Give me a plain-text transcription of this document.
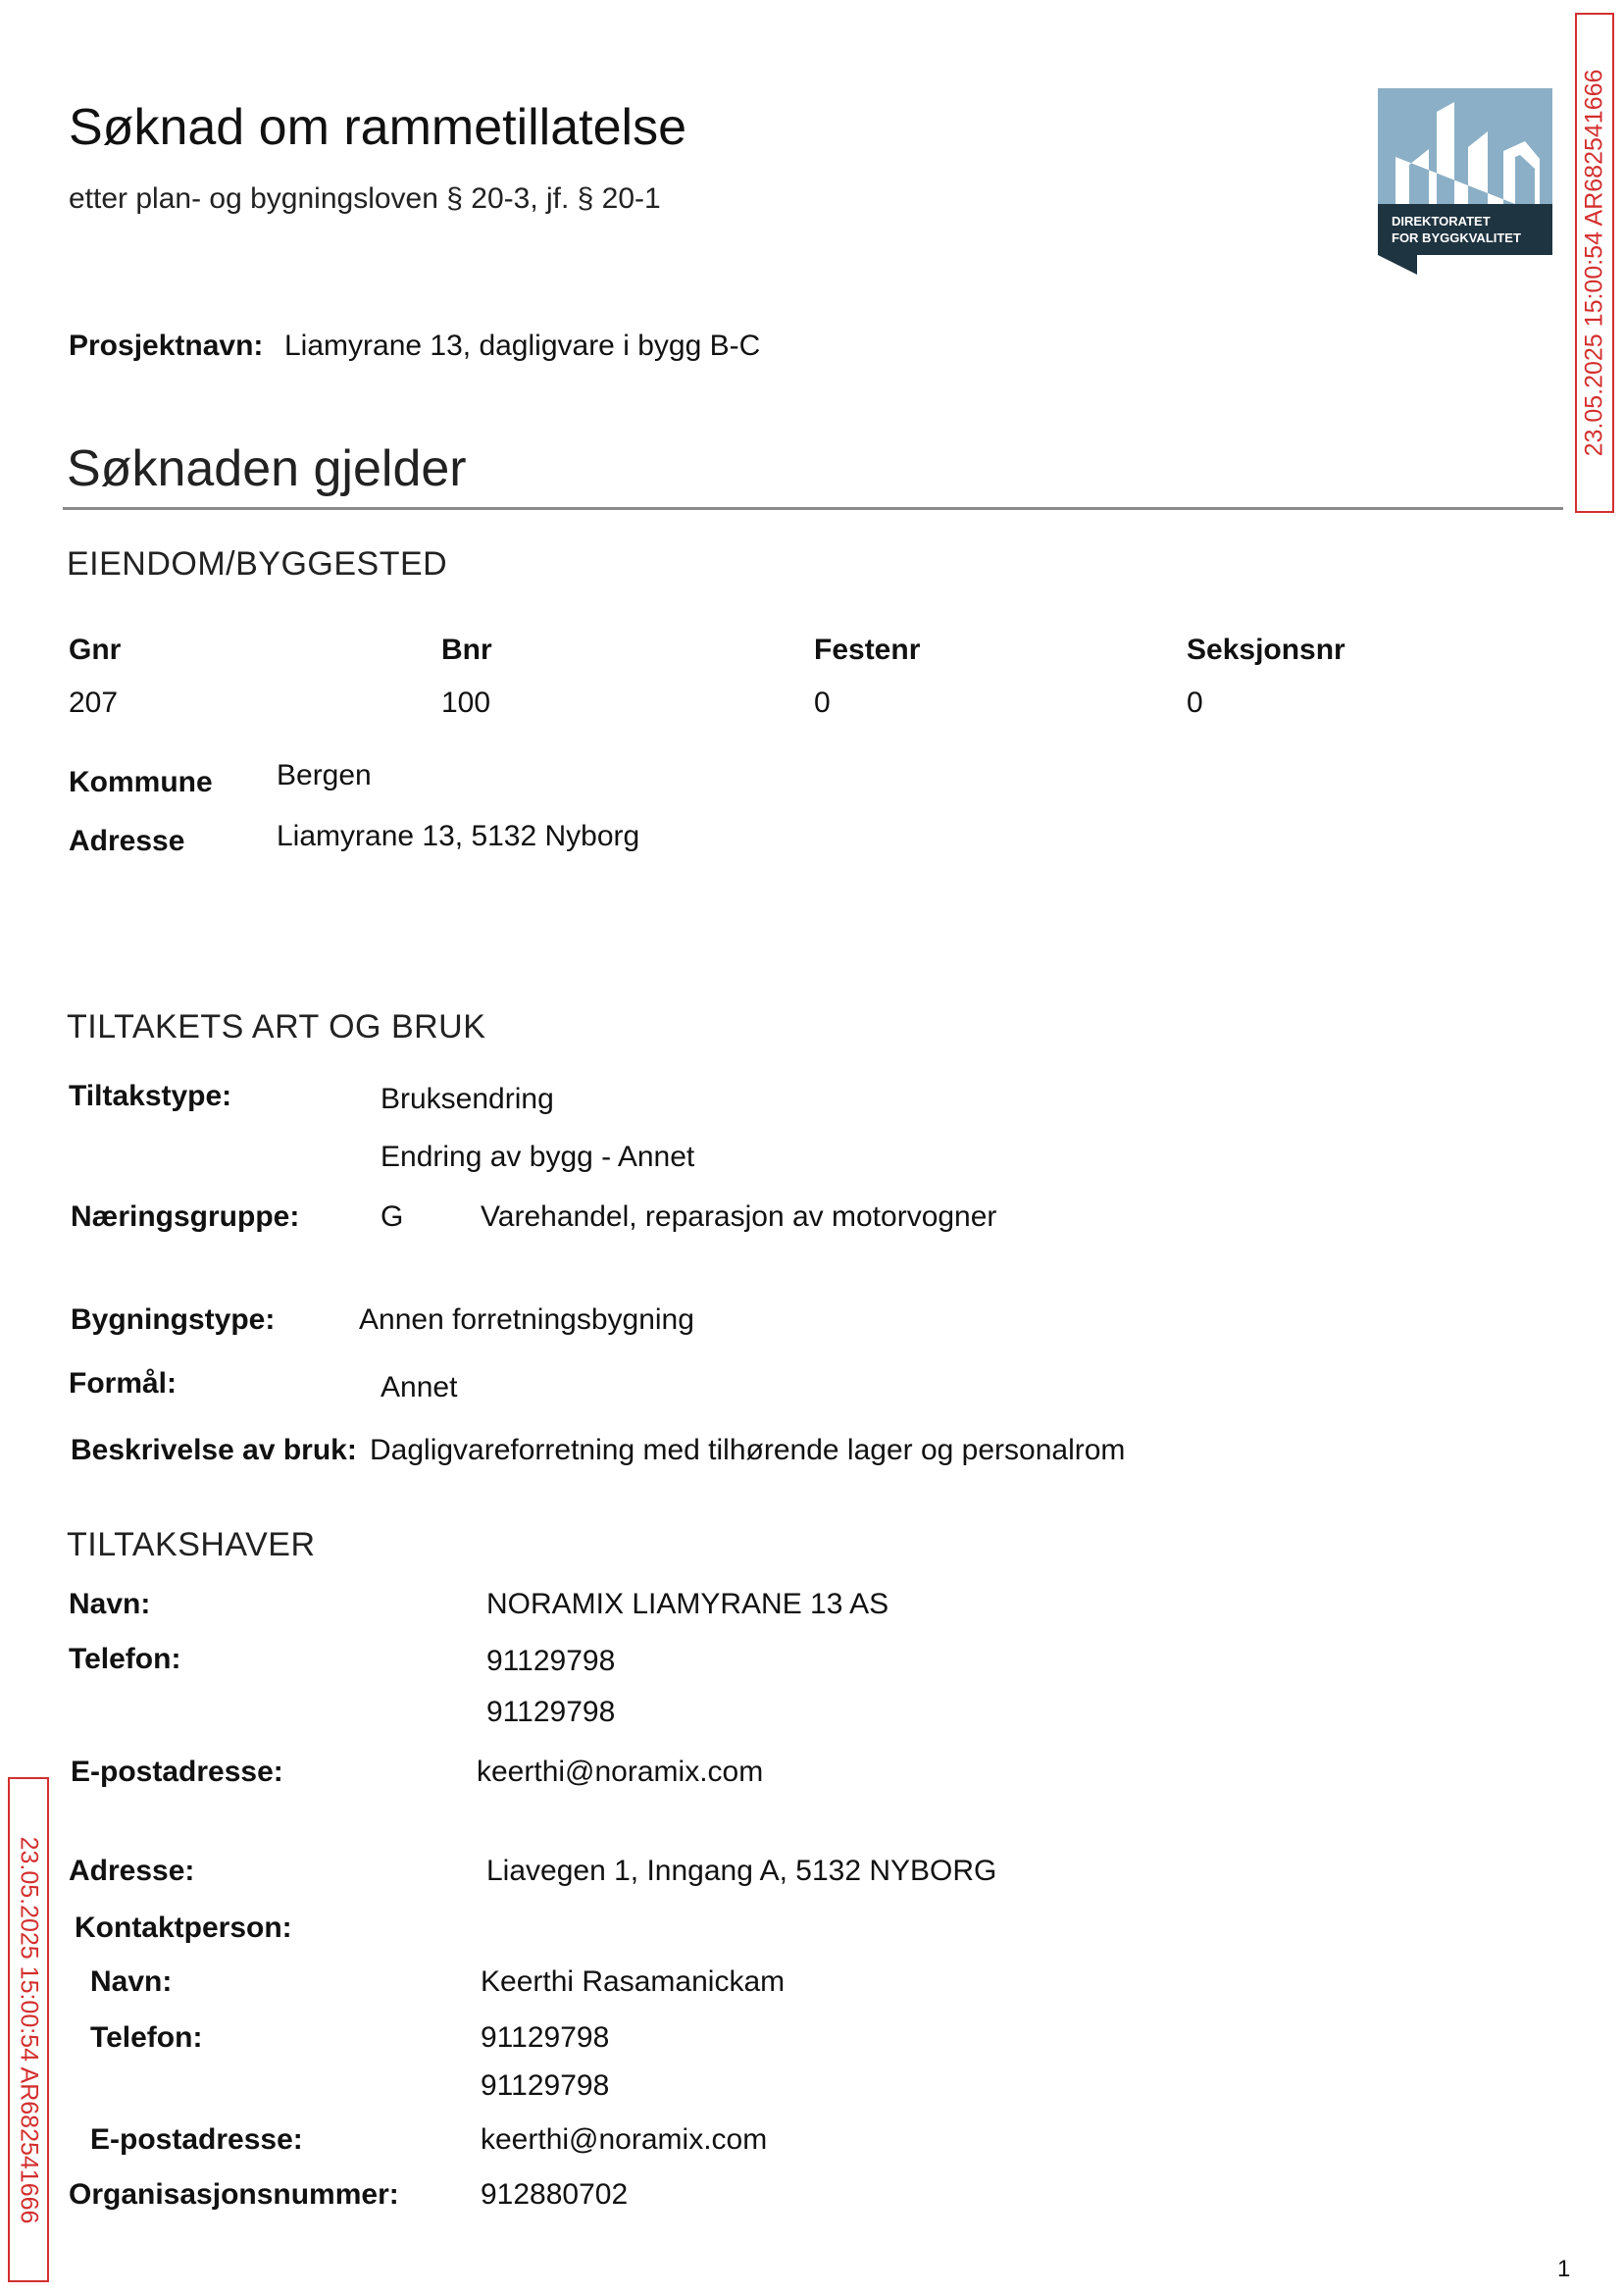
Søknad om rammetillatelse
etter plan- og bygningsloven § 20-3, jf. § 20-1
DIREKTORATET
FOR BYGGKVALITET 23.05.2025 15:00:54 AR682541666
23.05.2025 15:00:54 AR682541666
Prosjektnavn: Liamyrane 13, dagligvare i bygg B-C
Søknaden gjelder
EIENDOM/BYGGESTED
Gnr	Bnr	Festenr	Seksjonsnr
207	100	0	0
Kommune Bergen
Adresse	Liamyrane 13, 5132 Nyborg
TILTAKETS ART OG BRUK
Tiltakstype:	Bruksendring
Endring av bygg - Annet
Næringsgruppe:	G	Varehandel, reparasjon av motorvogner
Bygningstype:	Annen forretningsbygning
Formål:	Annet
Beskrivelse av bruk: Dagligvareforretning med tilhørende lager og personalrom
TILTAKSHAVER
Navn:	NORAMIX LIAMYRANE 13 AS
Telefon:	91129798
91129798
E-postadresse:	keerthi@noramix.com
Adresse:	Liavegen 1, Inngang A, 5132 NYBORG
Kontaktperson:
Navn:	Keerthi Rasamanickam
Telefon:	91129798
91129798
E-postadresse:	keerthi@noramix.com
Organisasjonsnummer:	912880702
1
